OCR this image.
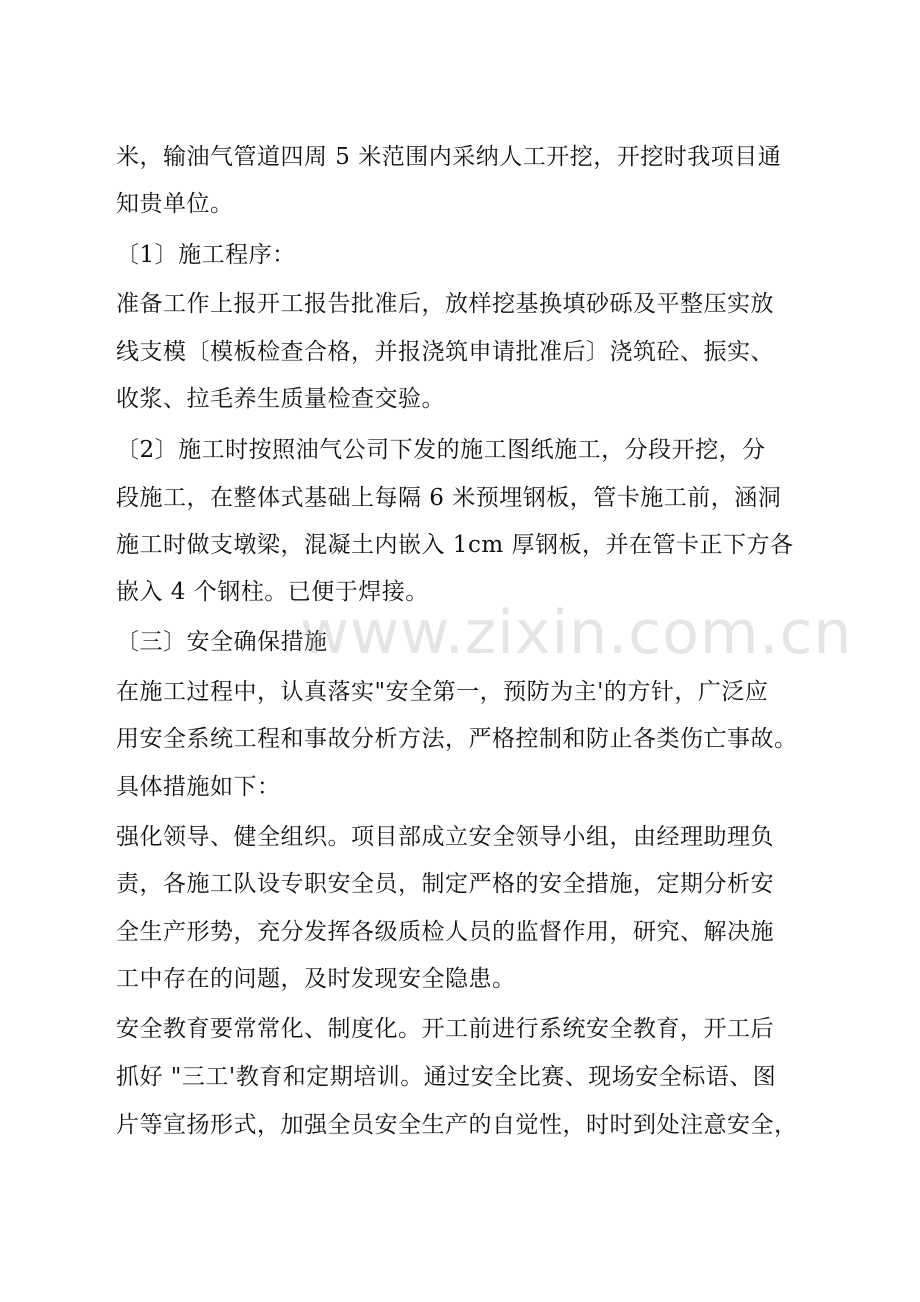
米，输油气管道四周 5 米范围内采纳人工开挖，开挖时我项目通
知贵单位。
〔1〕施工程序：
准备工作上报开工报告批准后，放样挖基换填砂砾及平整压实放
线支模〔模板检查合格，并报浇筑申请批准后〕浇筑砼、振实、
收浆、拉毛养生质量检查交验。
〔2〕施工时按照油气公司下发的施工图纸施工，分段开挖，分
段施工，在整体式基础上每隔 6 米预埋钢板，管卡施工前，涵洞
施工时做支墩梁，混凝土内嵌入 1cm 厚钢板，并在管卡正下方各
嵌入 4 个钢柱。已便于焊接。
〔三〕安全确保措施
在施工过程中，认真落实"安全第一，预防为主'的方针，广泛应
用安全系统工程和事故分析方法，严格控制和防止各类伤亡事故。
具体措施如下：
强化领导、健全组织。项目部成立安全领导小组，由经理助理负
责，各施工队设专职安全员，制定严格的安全措施，定期分析安
全生产形势，充分发挥各级质检人员的监督作用，研究、解决施
工中存在的问题，及时发现安全隐患。
安全教育要常常化、制度化。开工前进行系统安全教育，开工后
抓好 "三工'教育和定期培训。通过安全比赛、现场安全标语、图
片等宣扬形式，加强全员安全生产的自觉性，时时到处注意安全，
www.zixin.com.cn
